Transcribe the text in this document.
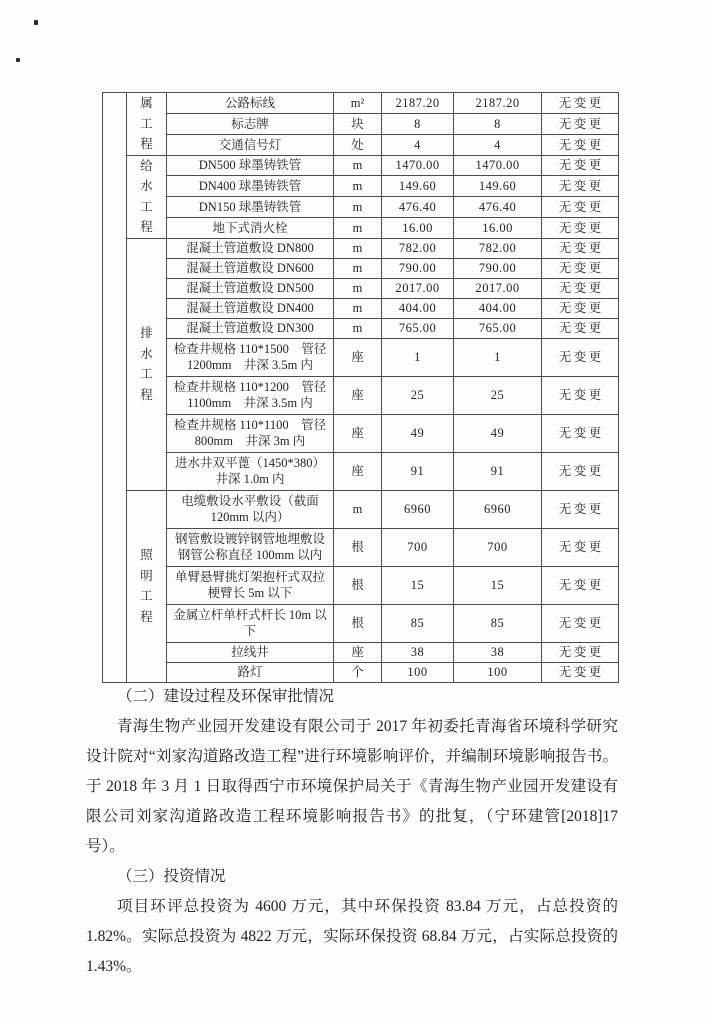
	属
工
程	公路标线	m²	2187.20	2187.20	无变更
		标志牌	块	8	8	无变更
		交通信号灯	处	4	4	无变更

	给
水
工
程	DN500 球墨铸铁管	m	1470.00	1470.00	无变更
		DN400 球墨铸铁管	m	149.60	149.60	无变更
		DN150 球墨铸铁管	m	476.40	476.40	无变更
		地下式消火栓	m	16.00	16.00	无变更

	排
水
工
程	混凝土管道敷设 DN800	m	782.00	782.00	无变更
		混凝土管道敷设 DN600	m	790.00	790.00	无变更
		混凝土管道敷设 DN500	m	2017.00	2017.00	无变更
		混凝土管道敷设 DN400	m	404.00	404.00	无变更
		混凝土管道敷设 DN300	m	765.00	765.00	无变更
		检查井规格 110*1500　管径 1200mm　井深 3.5m 内	座	1	1	无变更
		检查井规格 110*1200　管径 1100mm　井深 3.5m 内	座	25	25	无变更
		检查井规格 110*1100　管径 800mm　井深 3m 内	座	49	49	无变更
		进水井双平蓖（1450*380）井深 1.0m 内	座	91	91	无变更

	照
明
工
程	电缆敷设水平敷设（截面 120mm 以内）	m	6960	6960	无变更
		钢管敷设镀锌钢管地埋敷设钢管公称直径 100mm 以内	根	700	700	无变更
		单臂悬臂挑灯架抱杆式双拉梗臂长 5m 以下	根	15	15	无变更
		金属立杆单杆式杆长 10m 以下	根	85	85	无变更
		拉线井	座	38	38	无变更
		路灯	个	100	100	无变更

（二）建设过程及环保审批情况

青海生物产业园开发建设有限公司于 2017 年初委托青海省环境科学研究设计院对“刘家沟道路改造工程”进行环境影响评价，并编制环境影响报告书。于 2018 年 3 月 1 日取得西宁市环境保护局关于《青海生物产业园开发建设有限公司刘家沟道路改造工程环境影响报告书》的批复，（宁环建管[2018]17 号）。

（三）投资情况

项目环评总投资为 4600 万元，其中环保投资 83.84 万元，占总投资的 1.82%。实际总投资为 4822 万元，实际环保投资 68.84 万元，占实际总投资的 1.43%。
